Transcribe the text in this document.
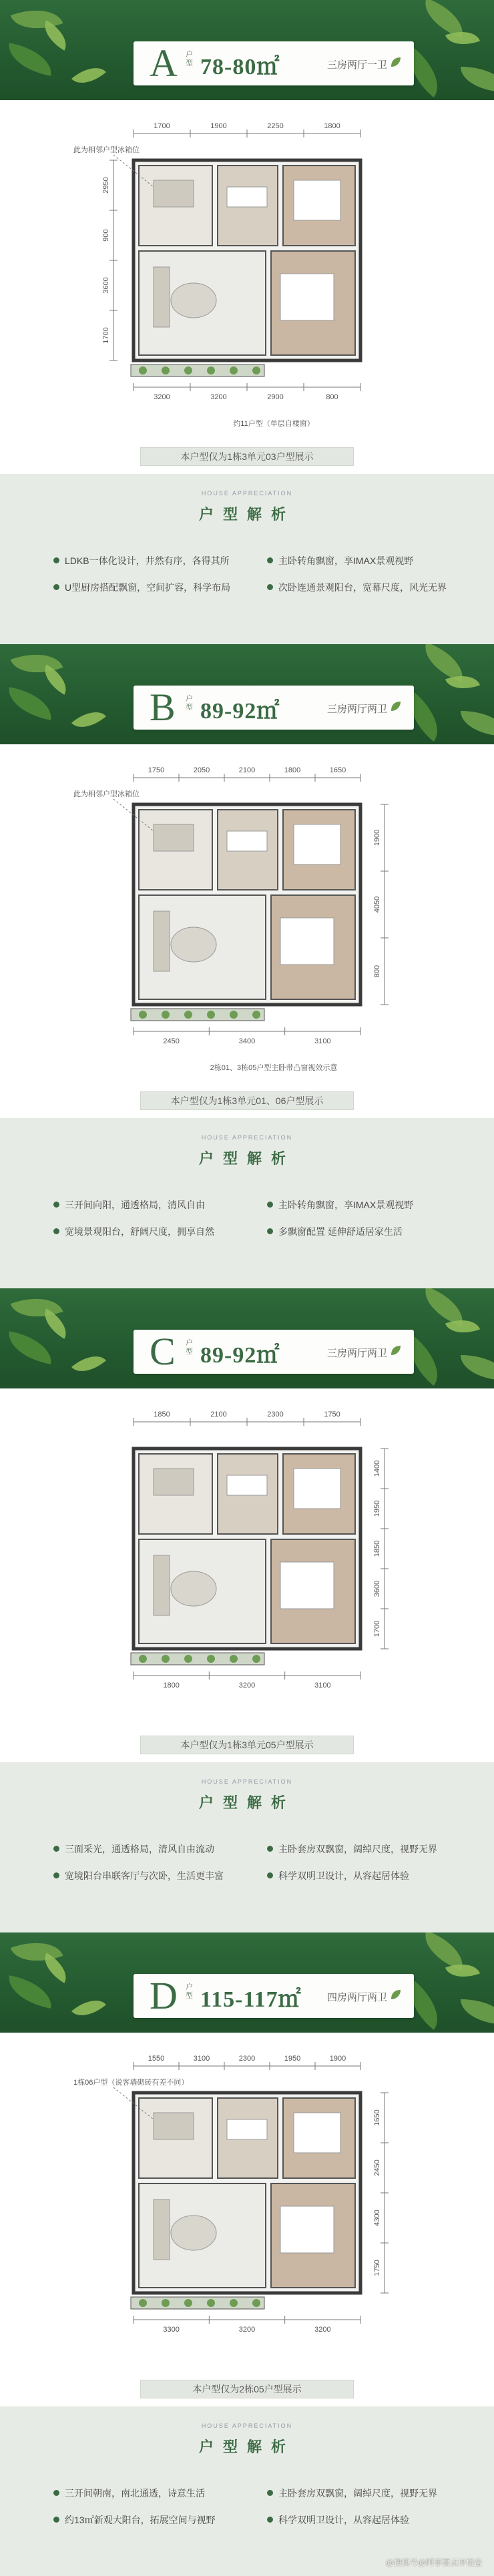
A 户型 78-80㎡	三房两厅一卫
1700	1900	2250	1800
3200	3200	2900	800
2950
900
3600
1700
此为相邻户型冰箱位
约11户型（单层自楼窗）
本户型仅为1栋3单元03户型展示
HOUSE APPRECIATION
户型解析
LDKB一体化设计，井然有序，各得其所	主卧转角飘窗，享IMAX景观视野
U型厨房搭配飘窗，空间扩容，科学布局	次卧连通景观阳台，宽幕尺度，风光无界
B 户型 89-92㎡	三房两厅两卫
1750	2050	2100	1800	1650
2450	3400	3100
1900
4050
800
此为相邻户型冰箱位
2栋01、3栋05户型主卧带凸窗视效示意
本户型仅为1栋3单元01、06户型展示
HOUSE APPRECIATION
户型解析
三开间向阳，通透格局，清风自由	主卧转角飘窗，享IMAX景观视野
宽境景观阳台，舒阔尺度，拥享自然	多飘窗配置 延伸舒适居家生活
C 户型 89-92㎡	三房两厅两卫
1850	2100	2300	1750
1800	3200	3100
1400
1950
1850
3600
1700
本户型仅为1栋3单元05户型展示
HOUSE APPRECIATION
户型解析
三面采光，通透格局，清风自由流动	主卧套房双飘窗，阔绰尺度，视野无界
宽境阳台串联客厅与次卧，生活更丰富	科学双明卫设计，从容起居体验
D 户型 115-117㎡	四房两厅两卫
1550	3100	2300	1950	1900
3300	3200	3200
1650
2450
4300
1750
1栋06户型（说客墙砌砖有差不同）
本户型仅为2栋05户型展示
HOUSE APPRECIATION
户型解析
三开间朝南，南北通透，诗意生活	主卧套房双飘窗，阔绰尺度，视野无界
约13㎡新观大阳台，拓展空间与视野	科学双明卫设计，从容起居体验
@搜狐号@阿菲要点评楼盘
